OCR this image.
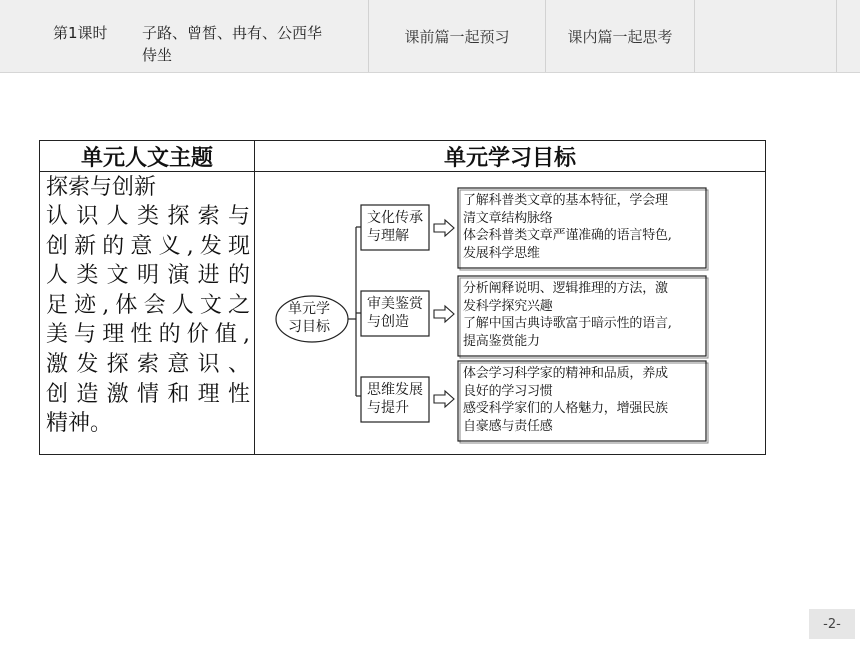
第1课时 子路、曾皙、冉有、公西华侍坐
课前篇一起预习	课内篇一起思考
单元人文主题	单元学习目标
探索与创新
认识人类探索与
创新的意义,发现
人类文明演进的
足迹,体会人文之
美与理性的价值,
激发探索意识、
创造激情和理性
精神。
单元学
习目标
文化传承
与理解
审美鉴赏
与创造
思维发展
与提升
了解科普类文章的基本特征，学会理
清文章结构脉络
体会科普类文章严谨准确的语言特色,
发展科学思维
分析阐释说明、逻辑推理的方法，激
发科学探究兴趣
了解中国古典诗歌富于暗示性的语言,
提高鉴赏能力
体会学习科学家的精神和品质，养成
良好的学习习惯
感受科学家们的人格魅力，增强民族
自豪感与责任感
-2-
